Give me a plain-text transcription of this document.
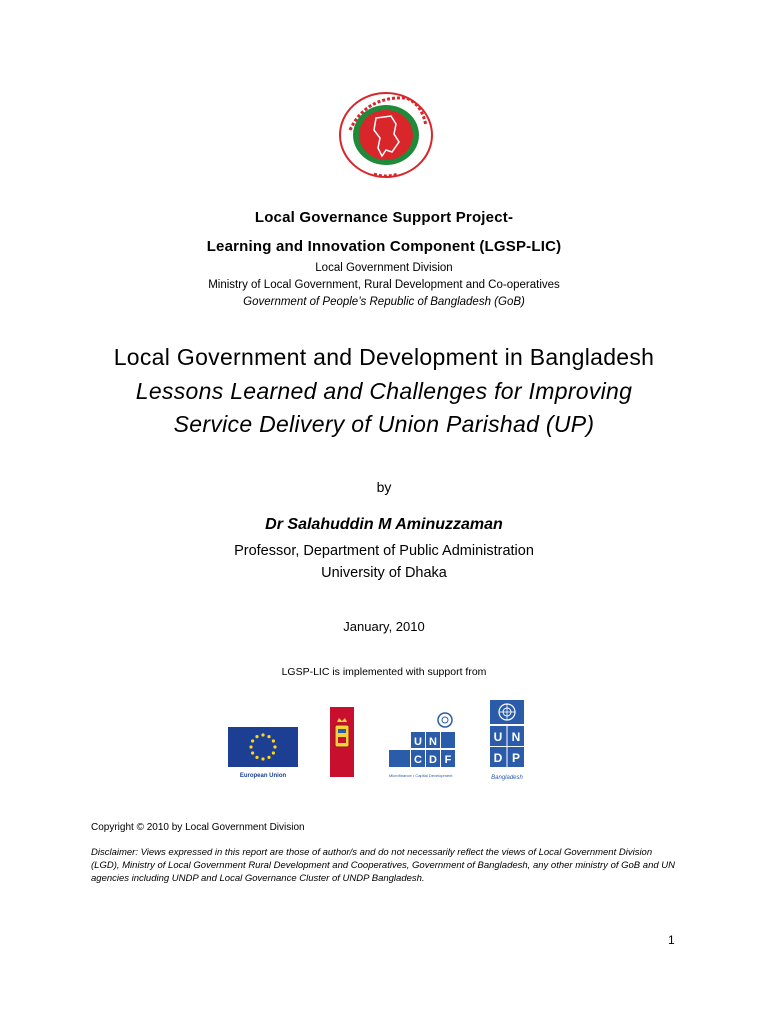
Local Governance Support Project-
Learning and Innovation Component (LGSP-LIC)
Local Government Division
Ministry of Local Government, Rural Development and Co-operatives
Government of People’s Republic of Bangladesh (GoB)
Local Government and Development in Bangladesh
Lessons Learned and Challenges for Improving
Service Delivery of Union Parishad (UP)
by
Dr Salahuddin M Aminuzzaman
Professor, Department of Public Administration
University of Dhaka
January, 2010
LGSP-LIC is implemented with support from
European Union
U N
C D F
Microfinance • Capital Development
U N
D P
Bangladesh
Copyright © 2010 by Local Government Division
Disclaimer: Views expressed in this report are those of author/s and do not necessarily reflect the views of Local Government Division (LGD), Ministry of Local Government Rural Development and Cooperatives, Government of Bangladesh, any other ministry of GoB and UN agencies including UNDP and Local Governance Cluster of UNDP Bangladesh.
1
